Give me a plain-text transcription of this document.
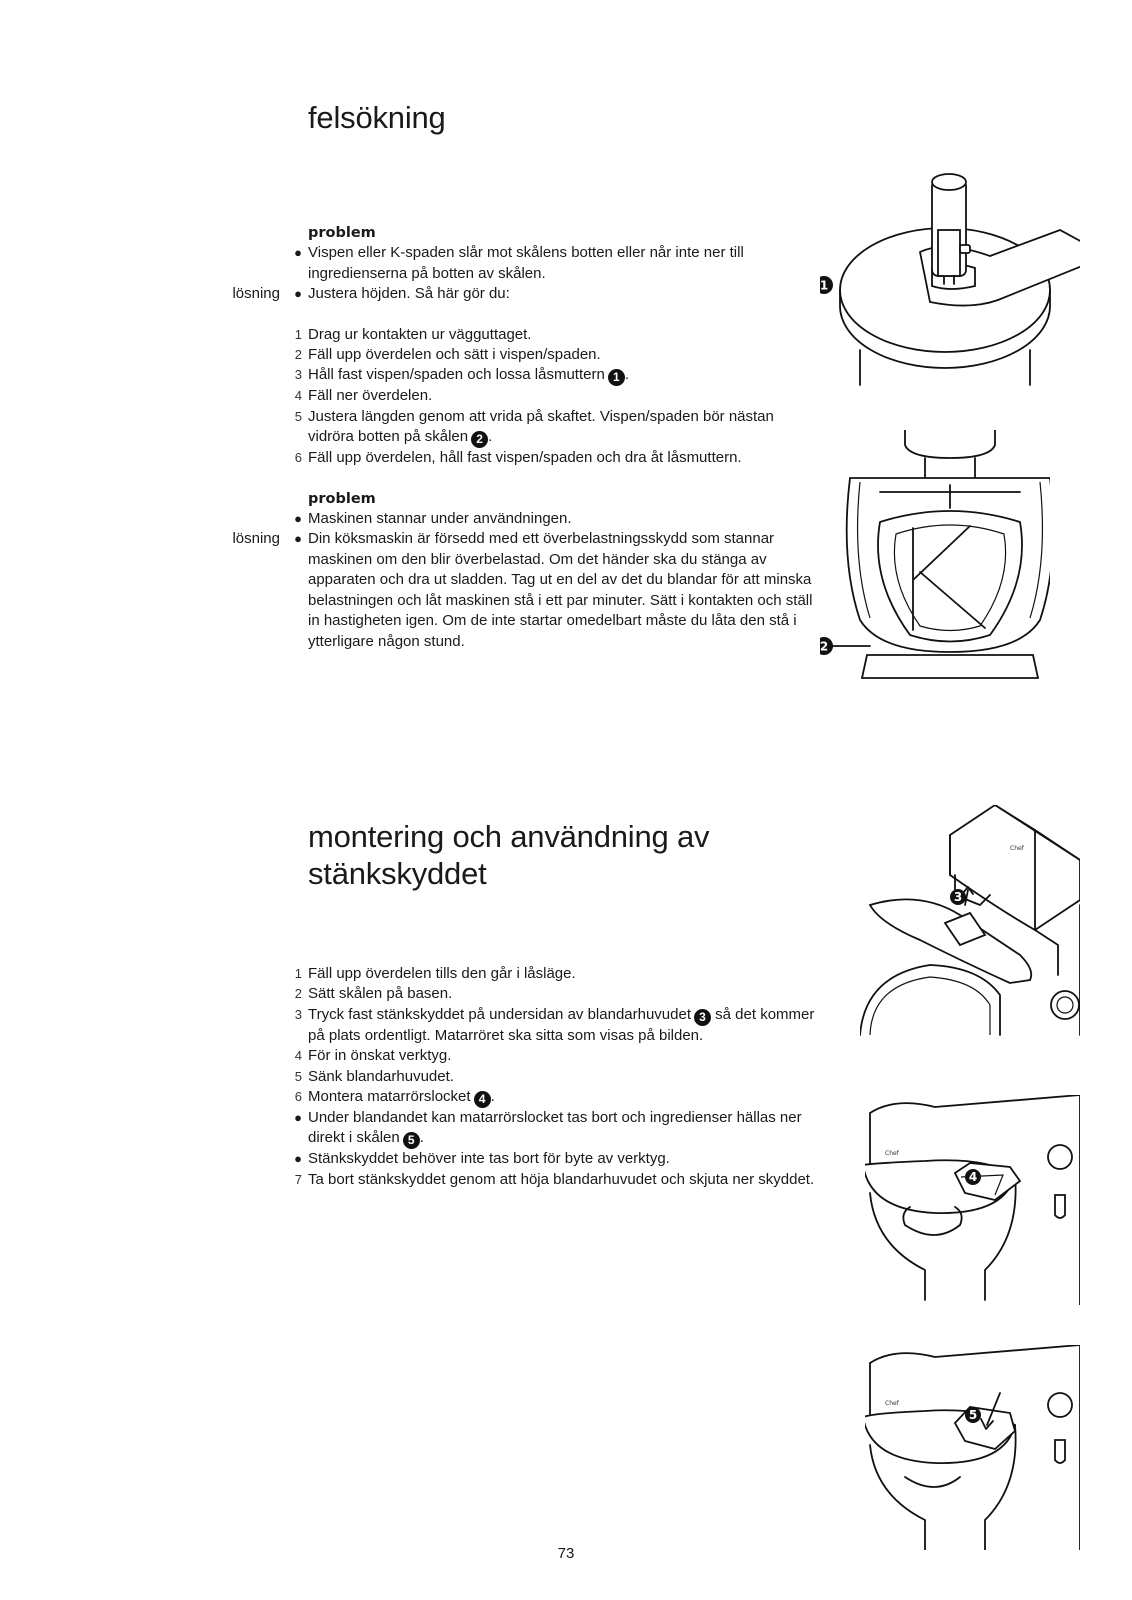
felsökning
problem
● Vispen eller K-spaden slår mot skålens botten eller når inte ner till ingredienserna på botten av skålen.
lösning	● Justera höjden. Så här gör du:
1 Drag ur kontakten ur vägguttaget.
2 Fäll upp överdelen och sätt i vispen/spaden.
3 Håll fast vispen/spaden och lossa låsmuttern 1 .
4 Fäll ner överdelen.
5 Justera längden genom att vrida på skaftet. Vispen/spaden bör nästan vidröra botten på skålen 2 .
6 Fäll upp överdelen, håll fast vispen/spaden och dra åt låsmuttern.
problem
● Maskinen stannar under användningen.
lösning	● Din köksmaskin är försedd med ett överbelastningsskydd som stannar maskinen om den blir överbelastad. Om det händer ska du stänga av apparaten och dra ut sladden. Tag ut en del av det du blandar för att minska belastningen och låt maskinen stå i ett par minuter. Sätt i kontakten och ställ in hastigheten igen. Om de inte startar omedelbart måste du låta den stå i ytterligare någon stund.
montering och användning av
stänkskyddet
1 Fäll upp överdelen tills den går i låsläge.
2 Sätt skålen på basen.
3 Tryck fast stänkskyddet på undersidan av blandarhuvudet 3 så det kommer på plats ordentligt. Matarröret ska sitta som visas på bilden.
4 För in önskat verktyg.
5 Sänk blandarhuvudet.
6 Montera matarrörslocket 4 .
● Under blandandet kan matarrörslocket tas bort och ingredienser hällas ner direkt i skålen 5 .
● Stänkskyddet behöver inte tas bort för byte av verktyg.
7 Ta bort stänkskyddet genom att höja blandarhuvudet och skjuta ner skyddet.
1
2
Chef
3
Chef
4
Chef
5
73
